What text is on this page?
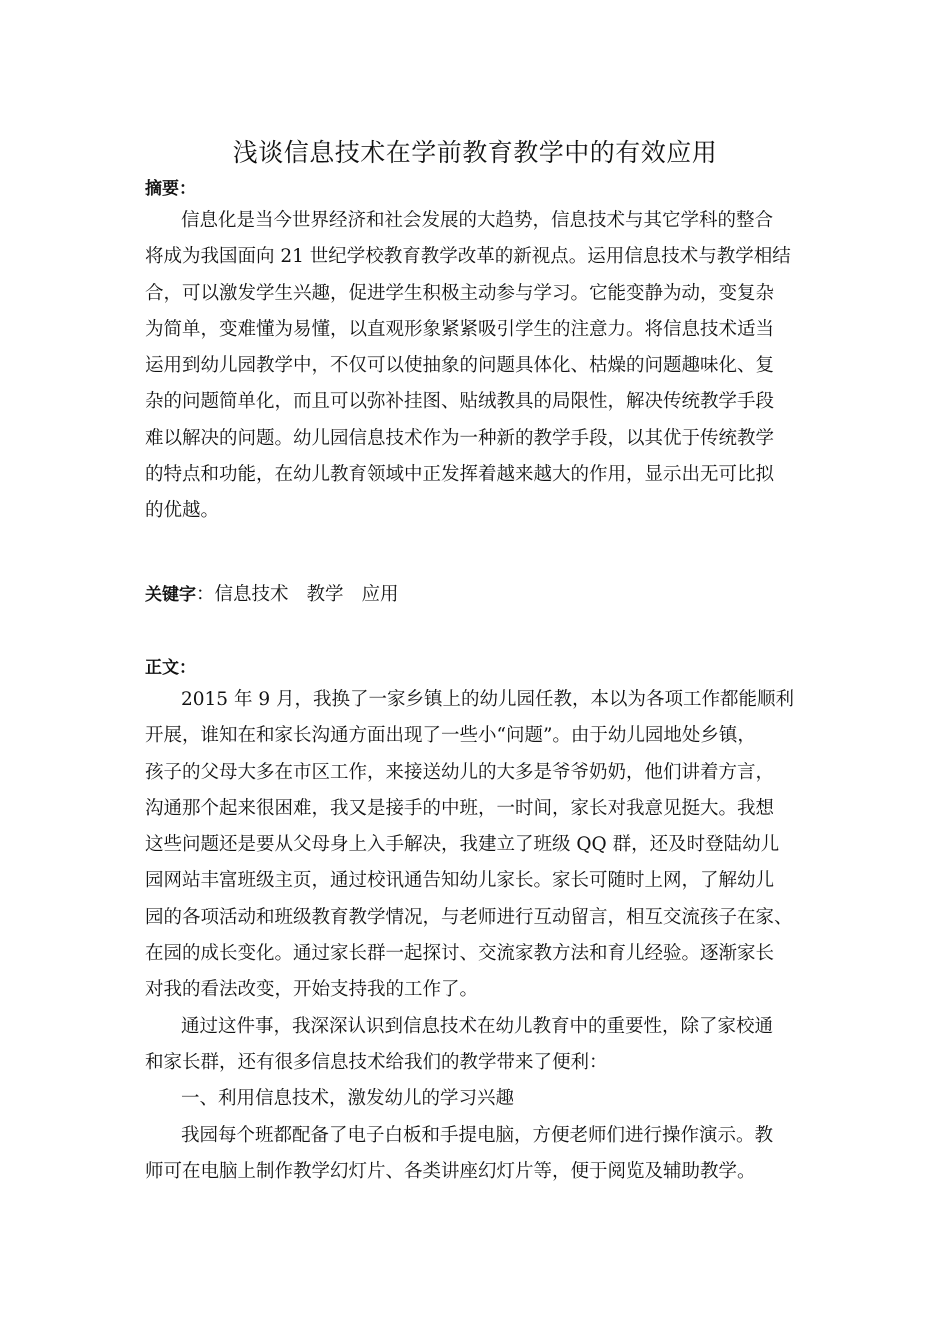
浅谈信息技术在学前教育教学中的有效应用
摘要：
信息化是当今世界经济和社会发展的大趋势，信息技术与其它学科的整合
将成为我国面向 21 世纪学校教育教学改革的新视点。运用信息技术与教学相结
合，可以激发学生兴趣，促进学生积极主动参与学习。它能变静为动，变复杂
为简单，变难懂为易懂，以直观形象紧紧吸引学生的注意力。将信息技术适当
运用到幼儿园教学中，不仅可以使抽象的问题具体化、枯燥的问题趣味化、复
杂的问题简单化，而且可以弥补挂图、贴绒教具的局限性，解决传统教学手段
难以解决的问题。幼儿园信息技术作为一种新的教学手段，以其优于传统教学
的特点和功能，在幼儿教育领域中正发挥着越来越大的作用，显示出无可比拟
的优越。
关键字：信息技术 教学 应用
正文：
2015 年 9 月，我换了一家乡镇上的幼儿园任教，本以为各项工作都能顺利
开展，谁知在和家长沟通方面出现了一些小“问题”。由于幼儿园地处乡镇，
孩子的父母大多在市区工作，来接送幼儿的大多是爷爷奶奶，他们讲着方言，
沟通那个起来很困难，我又是接手的中班，一时间，家长对我意见挺大。我想
这些问题还是要从父母身上入手解决，我建立了班级 QQ 群，还及时登陆幼儿
园网站丰富班级主页，通过校讯通告知幼儿家长。家长可随时上网，了解幼儿
园的各项活动和班级教育教学情况，与老师进行互动留言，相互交流孩子在家、
在园的成长变化。通过家长群一起探讨、交流家教方法和育儿经验。逐渐家长
对我的看法改变，开始支持我的工作了。
通过这件事，我深深认识到信息技术在幼儿教育中的重要性，除了家校通
和家长群，还有很多信息技术给我们的教学带来了便利：
一、利用信息技术，激发幼儿的学习兴趣
我园每个班都配备了电子白板和手提电脑，方便老师们进行操作演示。教
师可在电脑上制作教学幻灯片、各类讲座幻灯片等，便于阅览及辅助教学。
